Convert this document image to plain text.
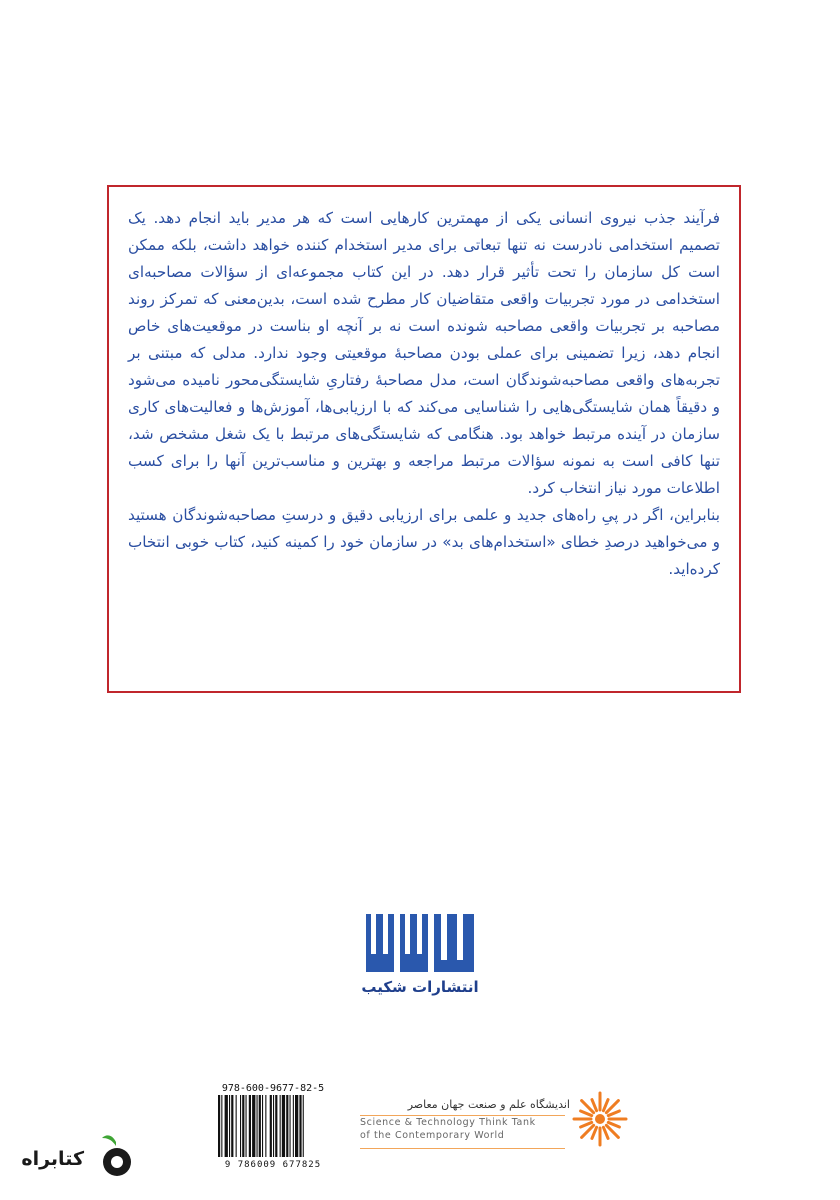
فرآیند جذب نیروی انسانی یکی از مهمترین کارهایی است که هر مدیر باید انجام دهد. یک تصمیم استخدامی نادرست نه تنها تبعاتی برای مدیر استخدام کننده خواهد داشت، بلکه ممکن است کل سازمان را تحت تأثیر قرار دهد. در این کتاب مجموعه‌ای از سؤالات مصاحبه‌ای استخدامی در مورد تجربیات واقعی متقاضیان کار مطرح شده است، بدین‌معنی که تمرکز روند مصاحبه بر تجربیات واقعی مصاحبه شونده است نه بر آنچه او بناست در موقعیت‌های خاص انجام دهد، زیرا تضمینی برای عملی بودن مصاحبهٔ موقعیتی وجود ندارد. مدلی که مبتنی بر تجربه‌های واقعی مصاحبه‌شوندگان است، مدل مصاحبهٔ رفتاریِ شایستگی‌محور نامیده می‌شود و دقیقاً همان شایستگی‌هایی را شناسایی می‌کند که با ارزیابی‌ها، آموزش‌ها و فعالیت‌های کاری سازمان در آینده مرتبط خواهد بود. هنگامی که شایستگی‌های مرتبط با یک شغل مشخص شد، تنها کافی است به نمونه سؤالات مرتبط مراجعه و بهترین و مناسب‌ترین آنها را برای کسب اطلاعات مورد نیاز انتخاب کرد.

بنابراین، اگر در پیِ راه‌های جدید و علمی برای ارزیابی دقیق و درستِ مصاحبه‌شوندگان هستید و می‌خواهید درصدِ خطای «استخدام‌های بد» در سازمان خود را کمینه کنید، کتاب خوبی انتخاب کرده‌اید.

انتشارات شکیب
978-600-9677-82-5
9 786009 677825
اندیشگاه علم و صنعت جهان معاصر
Science & Technology Think Tank
of the Contemporary World
کتابراه
